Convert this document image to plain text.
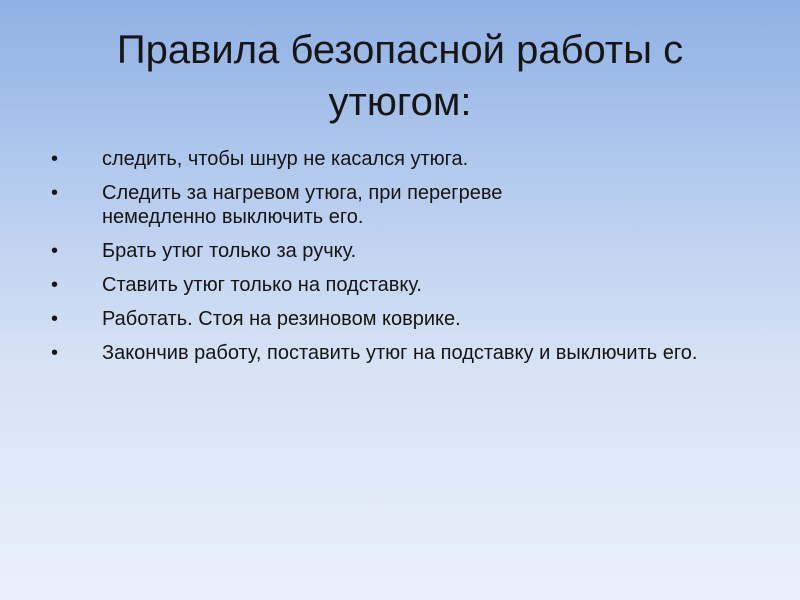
Правила безопасной работы с утюгом:
• следить, чтобы шнур не касался утюга.
• Следить за нагревом утюга, при перегреве немедленно выключить его.
• Брать утюг только за ручку.
• Ставить утюг только на подставку.
• Работать. Стоя на резиновом коврике.
• Закончив работу, поставить утюг на подставку и выключить его.
